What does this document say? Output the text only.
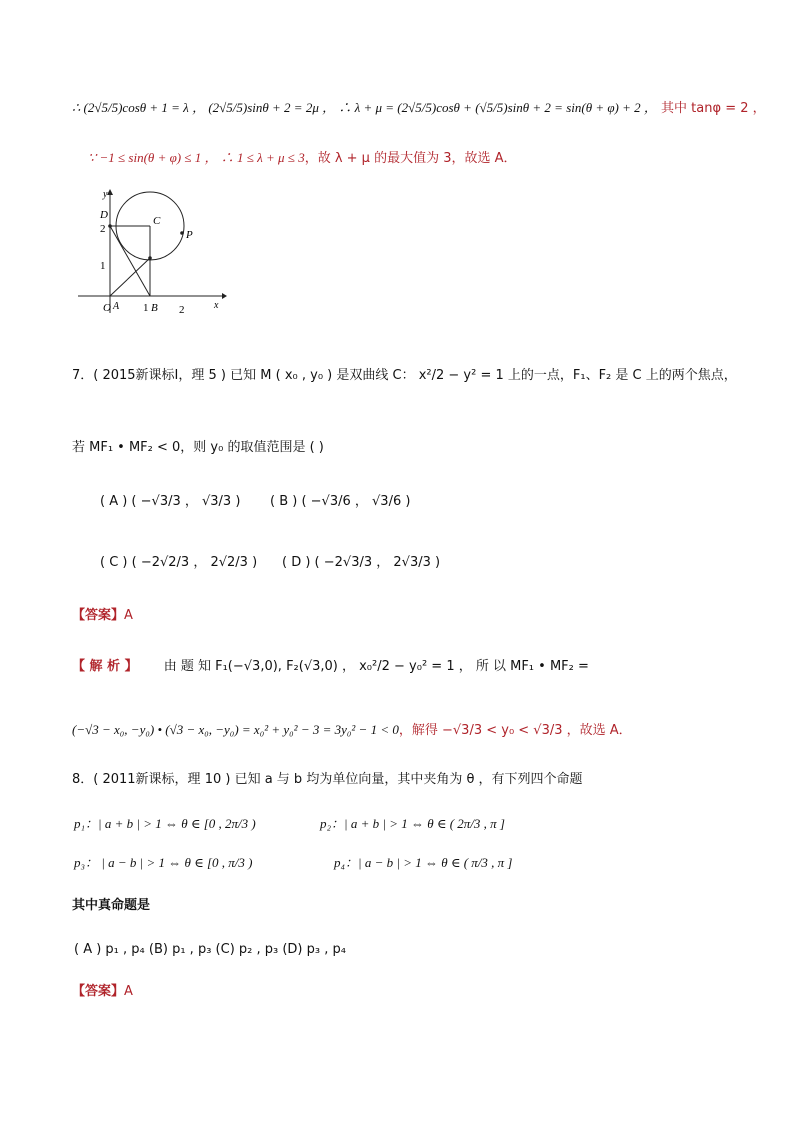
∴ (2√5/5)cosθ + 1 = λ ， (2√5/5)sinθ + 2 = 2μ ， ∴ λ + μ = (2√5/5)cosθ + (√5/5)sinθ + 2 = sin(θ + φ) + 2 ， 其中 tanφ = 2 ，
∵ −1 ≤ sin(θ + φ) ≤ 1 ， ∴ 1 ≤ λ + μ ≤ 3，故 λ + μ 的最大值为 3，故选 A．
y
D
2
C
P
1
O A 1 B 2	x
7．( 2015新课标I，理 5 ) 已知 M ( x₀ , y₀ ) 是双曲线 C： x²/2 − y² = 1 上的一点，F₁、F₂ 是 C 上的两个焦点，
若 MF₁ • MF₂ < 0，则 y₀ 的取值范围是 ( )
( A ) ( −√3/3 ， √3/3 ) ( B ) ( −√3/6 ， √3/6 )
( C ) ( −2√2/3 ， 2√2/3 ) ( D ) ( −2√3/3 ， 2√3/3 )
【答案】A
【 解 析 】 由 题 知 F₁(−√3,0), F₂(√3,0) ， x₀²/2 − y₀² = 1 ， 所 以 MF₁ • MF₂ =
(−√3 − x₀, −y₀) • (√3 − x₀, −y₀) = x₀² + y₀² − 3 = 3y₀² − 1 < 0，解得 −√3/3 < y₀ < √3/3 ，故选 A．
8．( 2011新课标，理 10 ) 已知 a 与 b 均为单位向量，其中夹角为 θ ，有下列四个命题
p₁：| a + b | > 1 ⇔ θ ∈ [0 , 2π/3 )	p₂：| a + b | > 1 ⇔ θ ∈ ( 2π/3 , π ]
p₃： | a − b | > 1 ⇔ θ ∈ [0 , π/3 )	p₄：| a − b | > 1 ⇔ θ ∈ ( π/3 , π ]
其中真命题是
( A ) p₁ , p₄ (B) p₁ , p₃ (C) p₂ , p₃ (D) p₃ , p₄
【答案】A
